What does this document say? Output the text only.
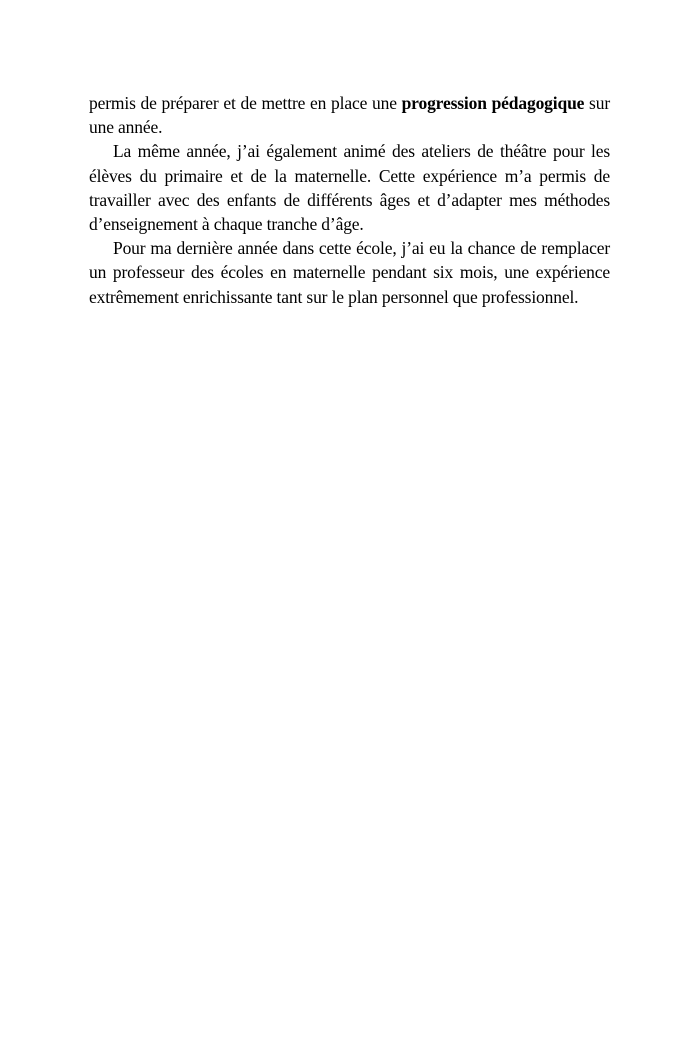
permis de préparer et de mettre en place une progression pédagogique sur une année.

La même année, j’ai également animé des ateliers de théâtre pour les élèves du primaire et de la maternelle. Cette expérience m’a permis de travailler avec des enfants de différents âges et d’adapter mes méthodes d’enseignement à chaque tranche d’âge.

Pour ma dernière année dans cette école, j’ai eu la chance de remplacer un professeur des écoles en maternelle pendant six mois, une expérience extrêmement enrichissante tant sur le plan personnel que professionnel.
